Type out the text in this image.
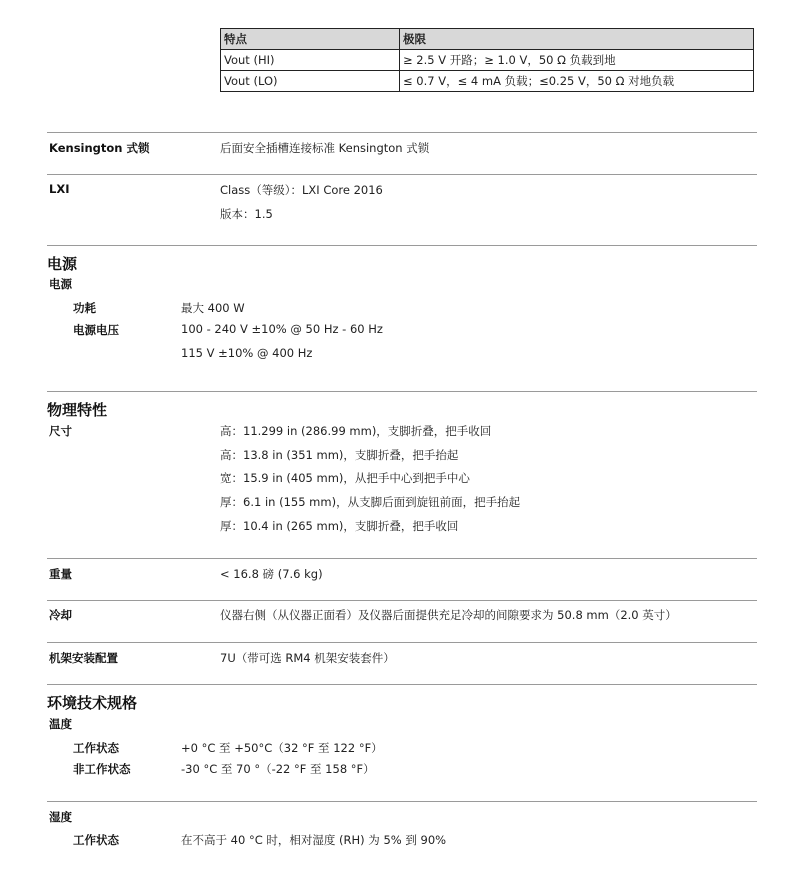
特点	极限
Vout (HI)	≥ 2.5 V 开路；≥ 1.0 V，50 Ω 负载到地
Vout (LO)	≤ 0.7 V，≤ 4 mA 负载；≤0.25 V，50 Ω 对地负载
Kensington 式锁	后面安全插槽连接标准 Kensington 式锁
LXI	Class（等级）：LXI Core 2016
版本：1.5
电源
电源
功耗	最大 400 W
电源电压	100 - 240 V ±10% @ 50 Hz - 60 Hz
115 V ±10% @ 400 Hz
物理特性
尺寸	高：11.299 in (286.99 mm)，支脚折叠，把手收回
高：13.8 in (351 mm)，支脚折叠，把手抬起
宽：15.9 in (405 mm)，从把手中心到把手中心
厚：6.1 in (155 mm)，从支脚后面到旋钮前面，把手抬起
厚：10.4 in (265 mm)，支脚折叠，把手收回
重量	< 16.8 磅 (7.6 kg)
冷却	仪器右侧（从仪器正面看）及仪器后面提供充足冷却的间隙要求为 50.8 mm（2.0 英寸）
机架安装配置	7U（带可选 RM4 机架安装套件）
环境技术规格
温度
工作状态	+0 °C 至 +50°C（32 °F 至 122 °F）
非工作状态	-30 °C 至 70 °（-22 °F 至 158 °F）
湿度
工作状态	在不高于 40 °C 时，相对湿度 (RH) 为 5% 到 90%
